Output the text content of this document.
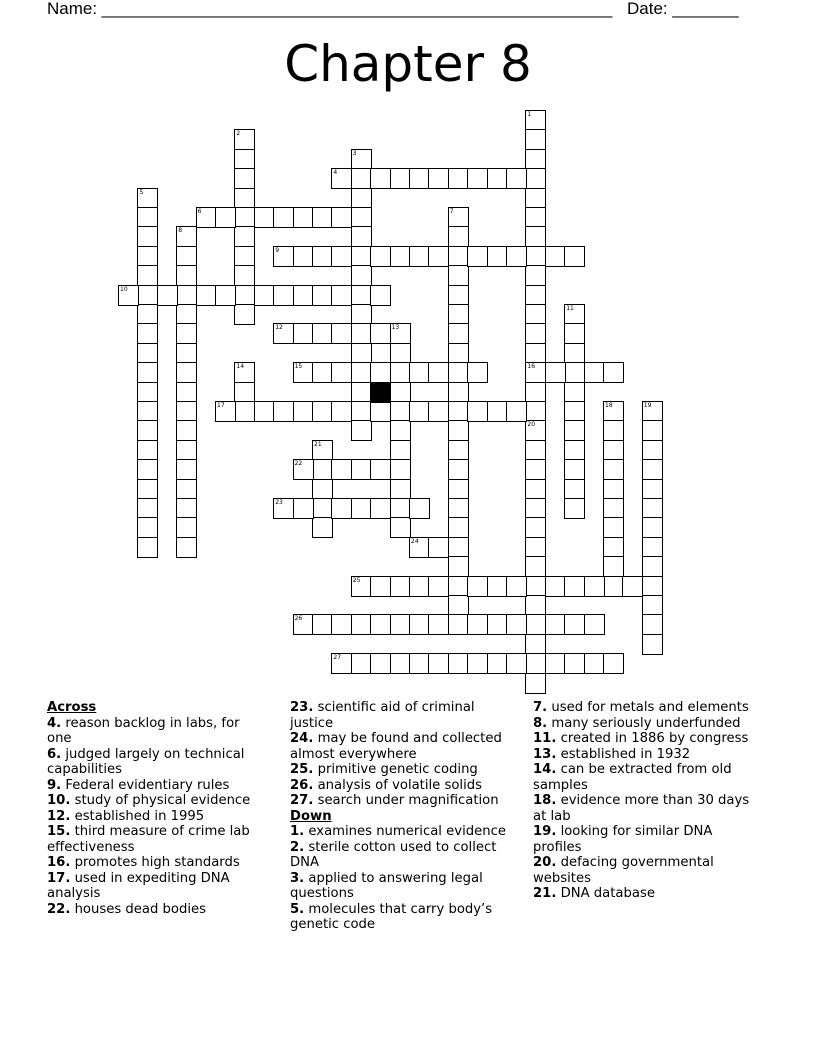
Name: ______________________________________________________ Date: _______
Chapter 8
1
16
20
2
3
4
5
6	7
8
9
10
11
12	13
14	15
17	18	19
21
22
23
24
25
26
27
Across
4. reason backlog in labs, for one
6. judged largely on technical capabilities
9. Federal evidentiary rules
10. study of physical evidence
12. established in 1995
15. third measure of crime lab effectiveness
16. promotes high standards
17. used in expediting DNA analysis
22. houses dead bodies
23. scientific aid of criminal justice
24. may be found and collected almost everywhere
25. primitive genetic coding
26. analysis of volatile solids
27. search under magnification
Down
1. examines numerical evidence
2. sterile cotton used to collect DNA
3. applied to answering legal questions
5. molecules that carry body’s genetic code
7. used for metals and elements
8. many seriously underfunded
11. created in 1886 by congress
13. established in 1932
14. can be extracted from old samples
18. evidence more than 30 days at lab
19. looking for similar DNA profiles
20. defacing governmental websites
21. DNA database
